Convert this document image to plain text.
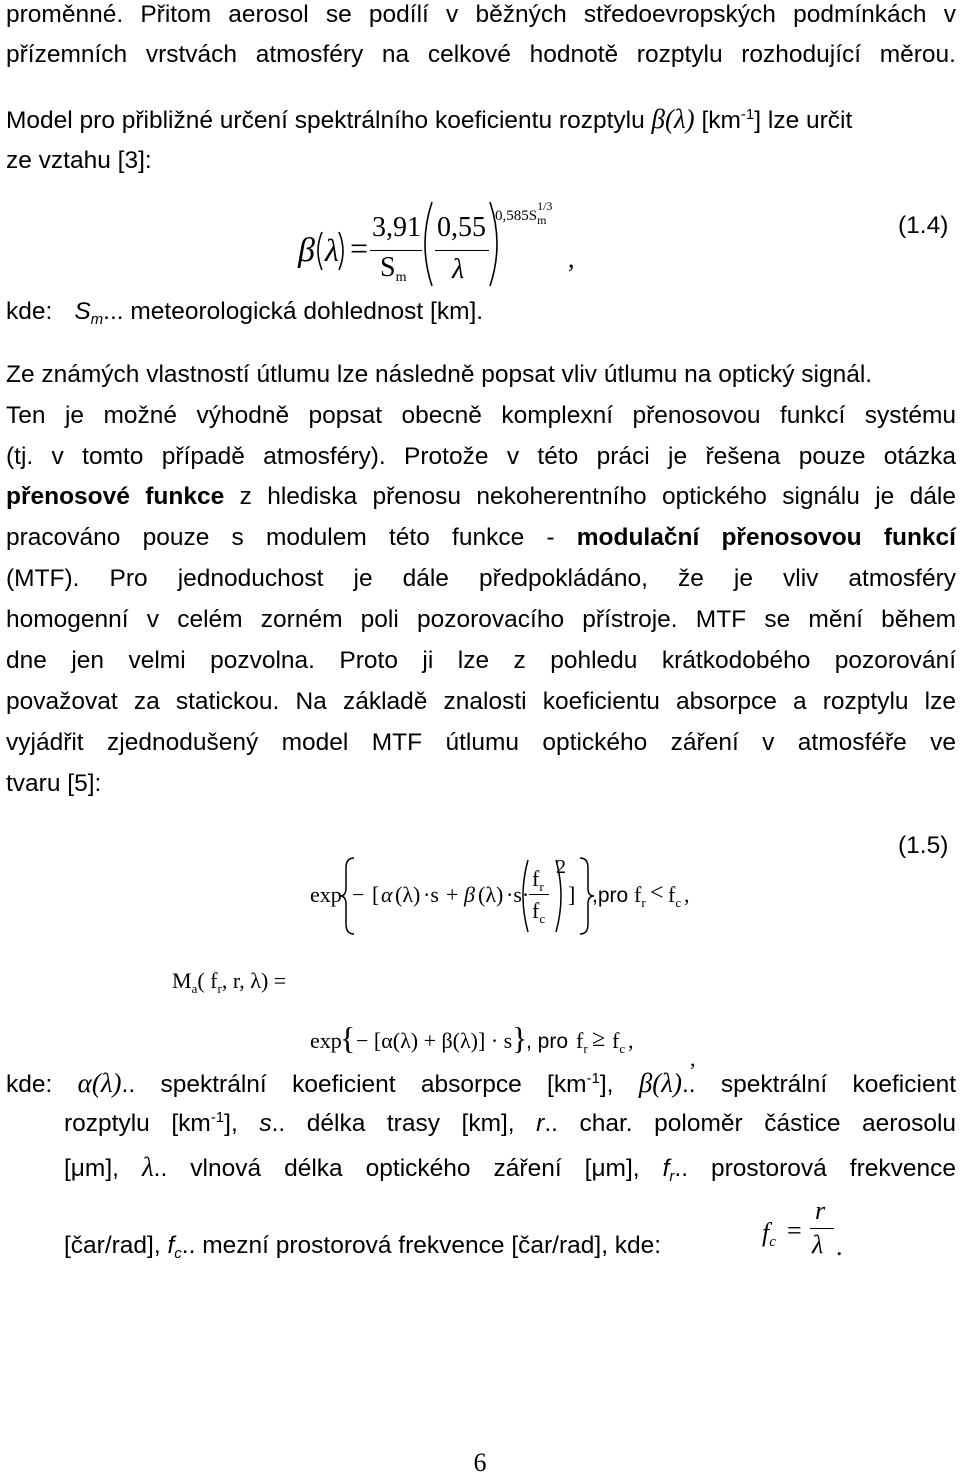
proměnné. Přitom aerosol se podílí v běžných středoevropských podmínkách v
přízemních vrstvách atmosféry na celkové hodnotě rozptylu rozhodující měrou.
Model pro přibližné určení spektrálního koeficientu rozptylu β(λ) $[km^{-1}]$ lze určit
ze vztahu [3]:
β λ =
3,91
$S_m$
0,55
λ
0,585S
1/3
$_m$
,
(1.4)
kde: $S_m$... meteorologická dohlednost [km].
Ze známých vlastností útlumu lze následně popsat vliv útlumu na optický signál.
Ten je možné výhodně popsat obecně komplexní přenosovou funkcí systému
(tj. v tomto případě atmosféry). Protože v této práci je řešena pouze otázka
přenosové funkce z hlediska přenosu nekoherentního optického signálu je dále
pracováno pouze s modulem této funkce - modulační přenosovou funkcí
(MTF). Pro jednoduchost je dále předpokládáno, že je vliv atmosféry
homogenní v celém zorném poli pozorovacího přístroje. MTF se mění během
dne jen velmi pozvolna. Proto ji lze z pohledu krátkodobého pozorování
považovat za statickou. Na základě znalosti koeficientu absorpce a rozptylu lze
vyjádřit zjednodušený model MTF útlumu optického záření v atmosféře ve
tvaru [5]:
(1.5)
exp − [ α (λ) ·s + β (λ) ·s·
$f_r$
$f_c$
2
] ,pro $f_r < f_c$ ,
$M_a$( $f_r$, r, λ) =
exp
{ − [α(λ) + β(λ)] · s }
, pro $f_r \ge f_c$ ,
,
kde: α(λ).. spektrální koeficient absorpce $[km^{-1}]$, β(λ).. spektrální koeficient
rozptylu $[km^{-1}]$, s.. délka trasy [km], r.. char. poloměr částice aerosolu
[μm], λ.. vlnová délka optického záření [μm], $f_r$.. prostorová frekvence
[čar/rad], $f_c$.. mezní prostorová frekvence [čar/rad], kde:	$f_c$ =
r
λ .
6
